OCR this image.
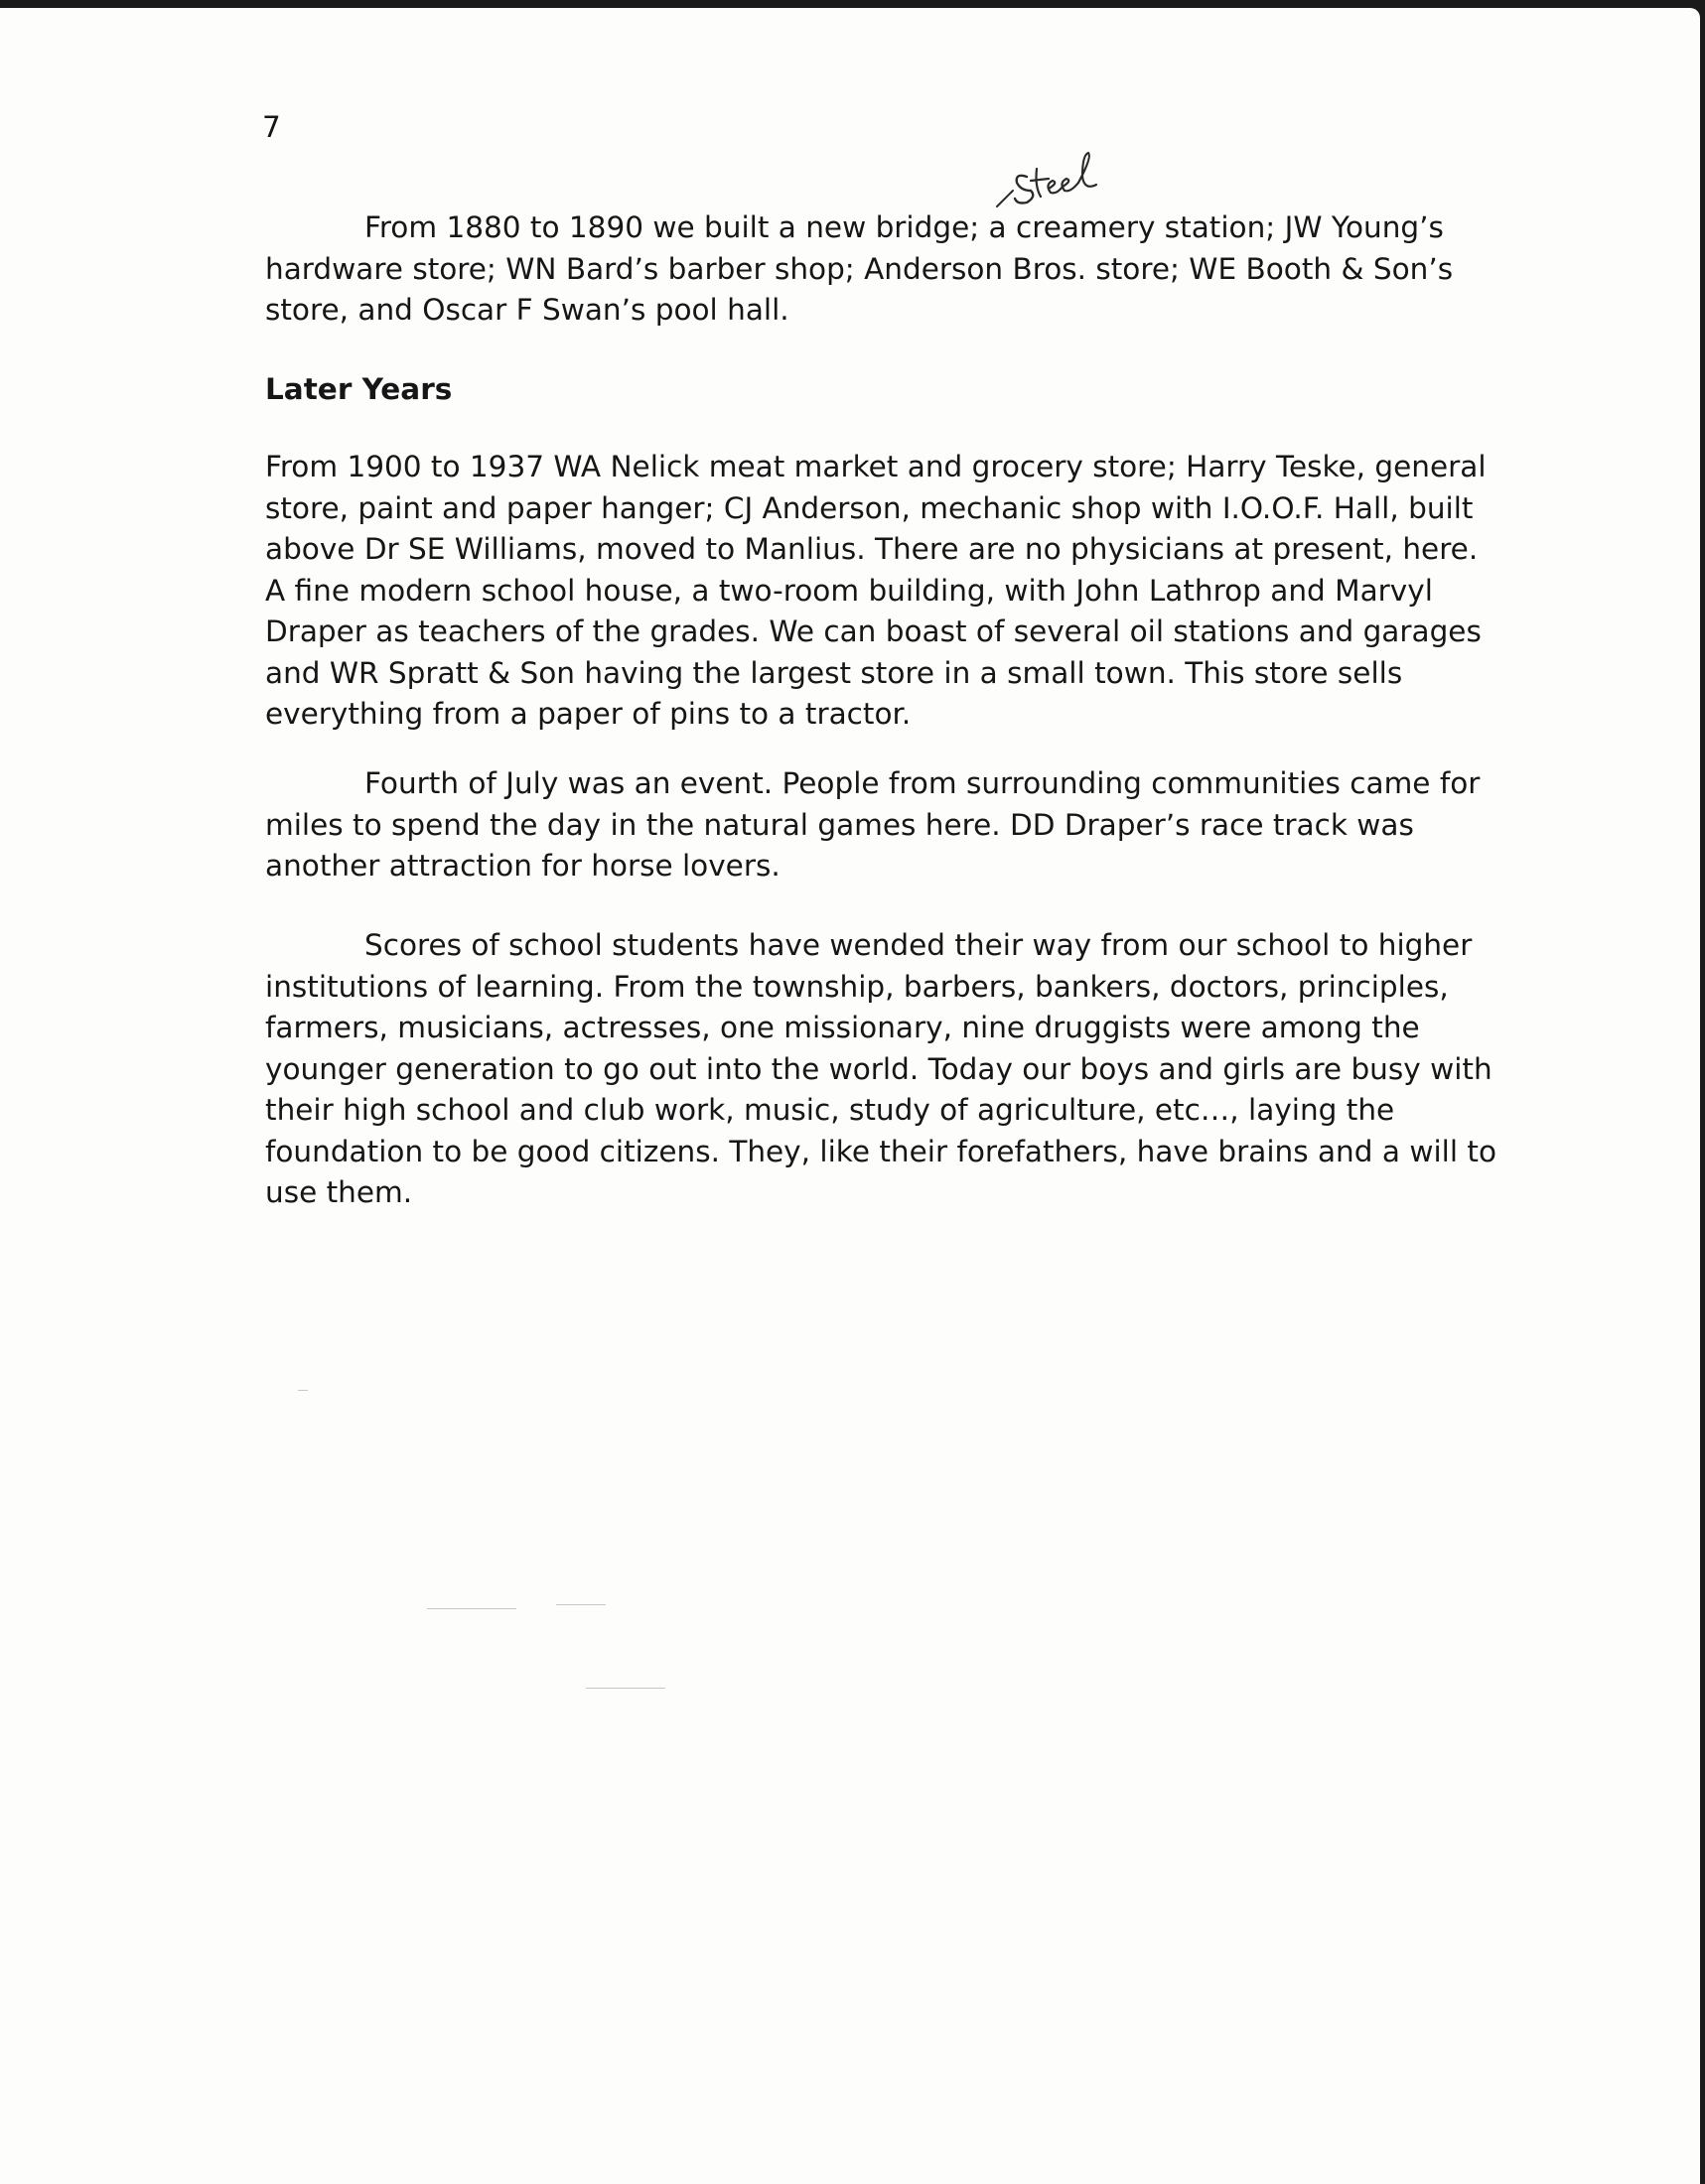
7

From 1880 to 1890 we built a new bridge; a creamery station; JW Young’s hardware store; WN Bard’s barber shop; Anderson Bros. store; WE Booth & Son’s store, and Oscar F Swan’s pool hall.

Later Years

From 1900 to 1937 WA Nelick meat market and grocery store; Harry Teske, general store, paint and paper hanger; CJ Anderson, mechanic shop with I.O.O.F. Hall, built above Dr SE Williams, moved to Manlius. There are no physicians at present, here. A fine modern school house, a two-room building, with John Lathrop and Marvyl Draper as teachers of the grades. We can boast of several oil stations and garages and WR Spratt & Son having the largest store in a small town. This store sells everything from a paper of pins to a tractor.

Fourth of July was an event. People from surrounding communities came for miles to spend the day in the natural games here. DD Draper’s race track was another attraction for horse lovers.

Scores of school students have wended their way from our school to higher institutions of learning. From the township, barbers, bankers, doctors, principles, farmers, musicians, actresses, one missionary, nine druggists were among the younger generation to go out into the world. Today our boys and girls are busy with their high school and club work, music, study of agriculture, etc…, laying the foundation to be good citizens. They, like their forefathers, have brains and a will to use them.
